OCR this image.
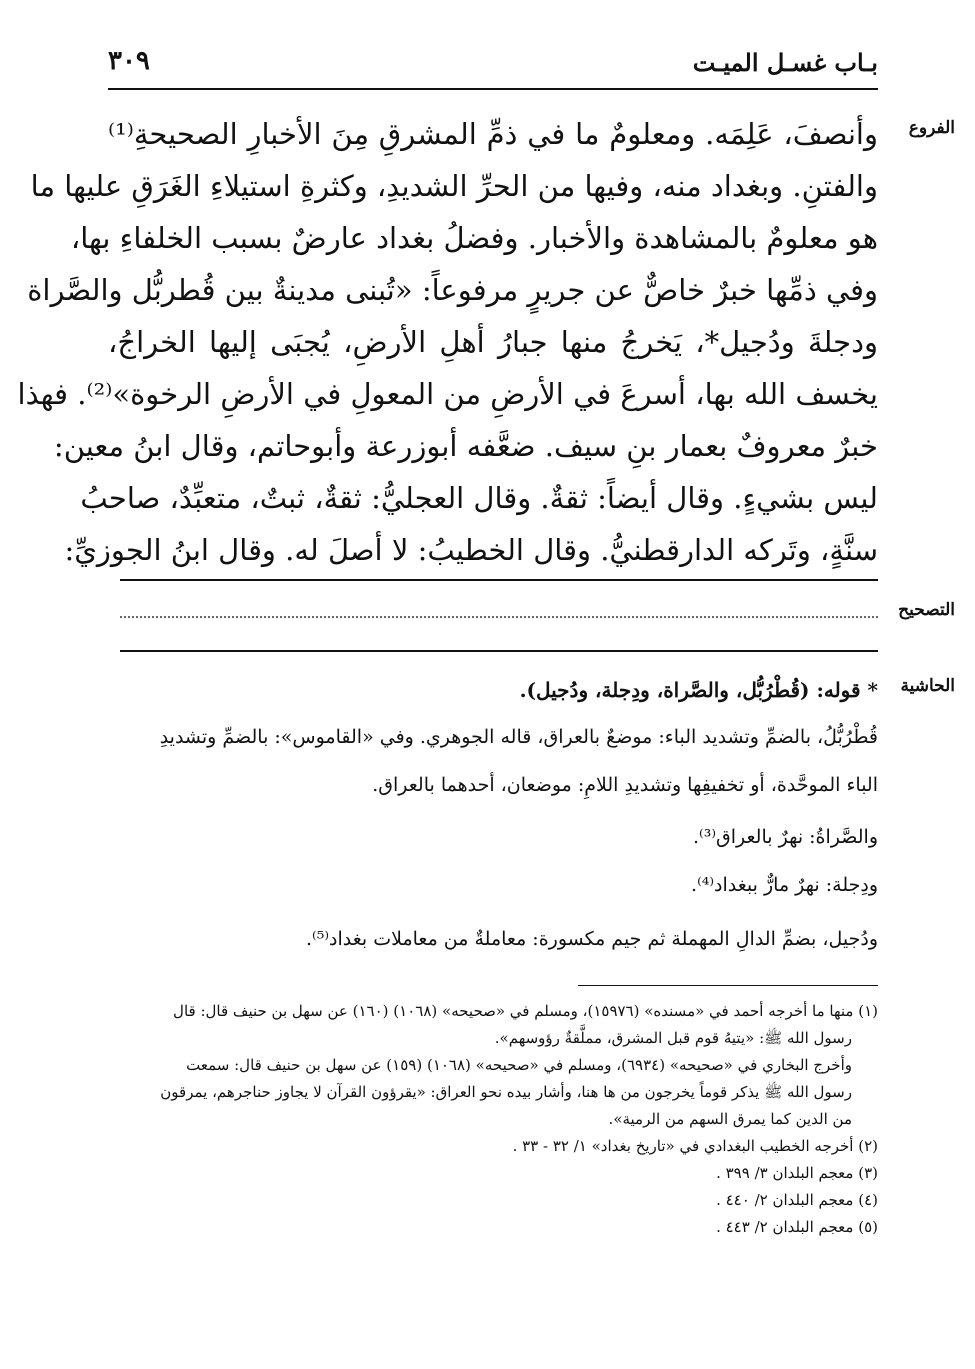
٣٠٩	بـاب غسـل الميـت
الفروع
التصحيح
الحاشية
وأنصفَ، عَلِمَه. ومعلومٌ ما في ذمِّ المشرقِ مِنَ الأخبارِ الصحيحةِ⁽¹⁾
والفتنِ. وبغداد منه، وفيها من الحرِّ الشديدِ، وكثرةِ استيلاءِ الغَرَقِ عليها ما
هو معلومٌ بالمشاهدة والأخبار. وفضلُ بغداد عارضٌ بسبب الخلفاءِ بها،
وفي ذمِّها خبرٌ خاصٌّ عن جريرٍ مرفوعاً: «تُبنى مدينةٌ بين قُطربُّل والصَّراة
ودجلةَ ودُجيل*، يَخرجُ منها جبارُ أهلِ الأرضِ، يُجبَى إليها الخراجُ،
يخسف الله بها، أسرعَ في الأرضِ من المعولِ في الأرضِ الرخوة»⁽²⁾. فهذا
خبرٌ معروفٌ بعمار بنِ سيف. ضعَّفه أبوزرعة وأبوحاتم، وقال ابنُ معين:
ليس بشيءٍ. وقال أيضاً: ثقةٌ. وقال العجليُّ: ثقةٌ، ثبتٌ، متعبِّدٌ، صاحبُ
سنَّةٍ، وتَركه الدارقطنيُّ. وقال الخطيبُ: لا أصلَ له. وقال ابنُ الجوزيِّ:
* قوله: (قُطْرُبُّل، والصَّراة، ودِجلة، ودُجيل).
قُطْرُبُّلُ، بالضمِّ وتشديد الباء: موضعٌ بالعراق، قاله الجوهري. وفي «القاموس»: بالضمِّ وتشديدِ
الباء الموحَّدة، أو تخفيفِها وتشديدِ اللامِ: موضعان، أحدهما بالعراق.
والصَّراةُ: نهرٌ بالعراق⁽³⁾.
ودِجلة: نهرٌ مارٌّ ببغداد⁽⁴⁾.
ودُجيل، بضمِّ الدالِ المهملة ثم جيم مكسورة: معاملةٌ من معاملات بغداد⁽⁵⁾.
(١) منها ما أخرجه أحمد في «مسنده» (١٥٩٧٦)، ومسلم في «صحيحه» (١٠٦٨) (١٦٠) عن سهل بن حنيف قال: قال
رسول الله ﷺ: «يتيهُ قوم قبل المشرق، مملَّقةٌ رؤوسهم».
وأخرج البخاري في «صحيحه» (٦٩٣٤)، ومسلم في «صحيحه» (١٠٦٨) (١٥٩) عن سهل بن حنيف قال: سمعت
رسول الله ﷺ يذكر قوماً يخرجون من ها هنا، وأشار بيده نحو العراق: «يقرؤون القرآن لا يجاوز حناجرهم، يمرقون
من الدين كما يمرق السهم من الرمية».
(٢) أخرجه الخطيب البغدادي في «تاريخ بغداد» ١/ ٣٢ - ٣٣ .
(٣) معجم البلدان ٣/ ٣٩٩ .
(٤) معجم البلدان ٢/ ٤٤٠ .
(٥) معجم البلدان ٢/ ٤٤٣ .
